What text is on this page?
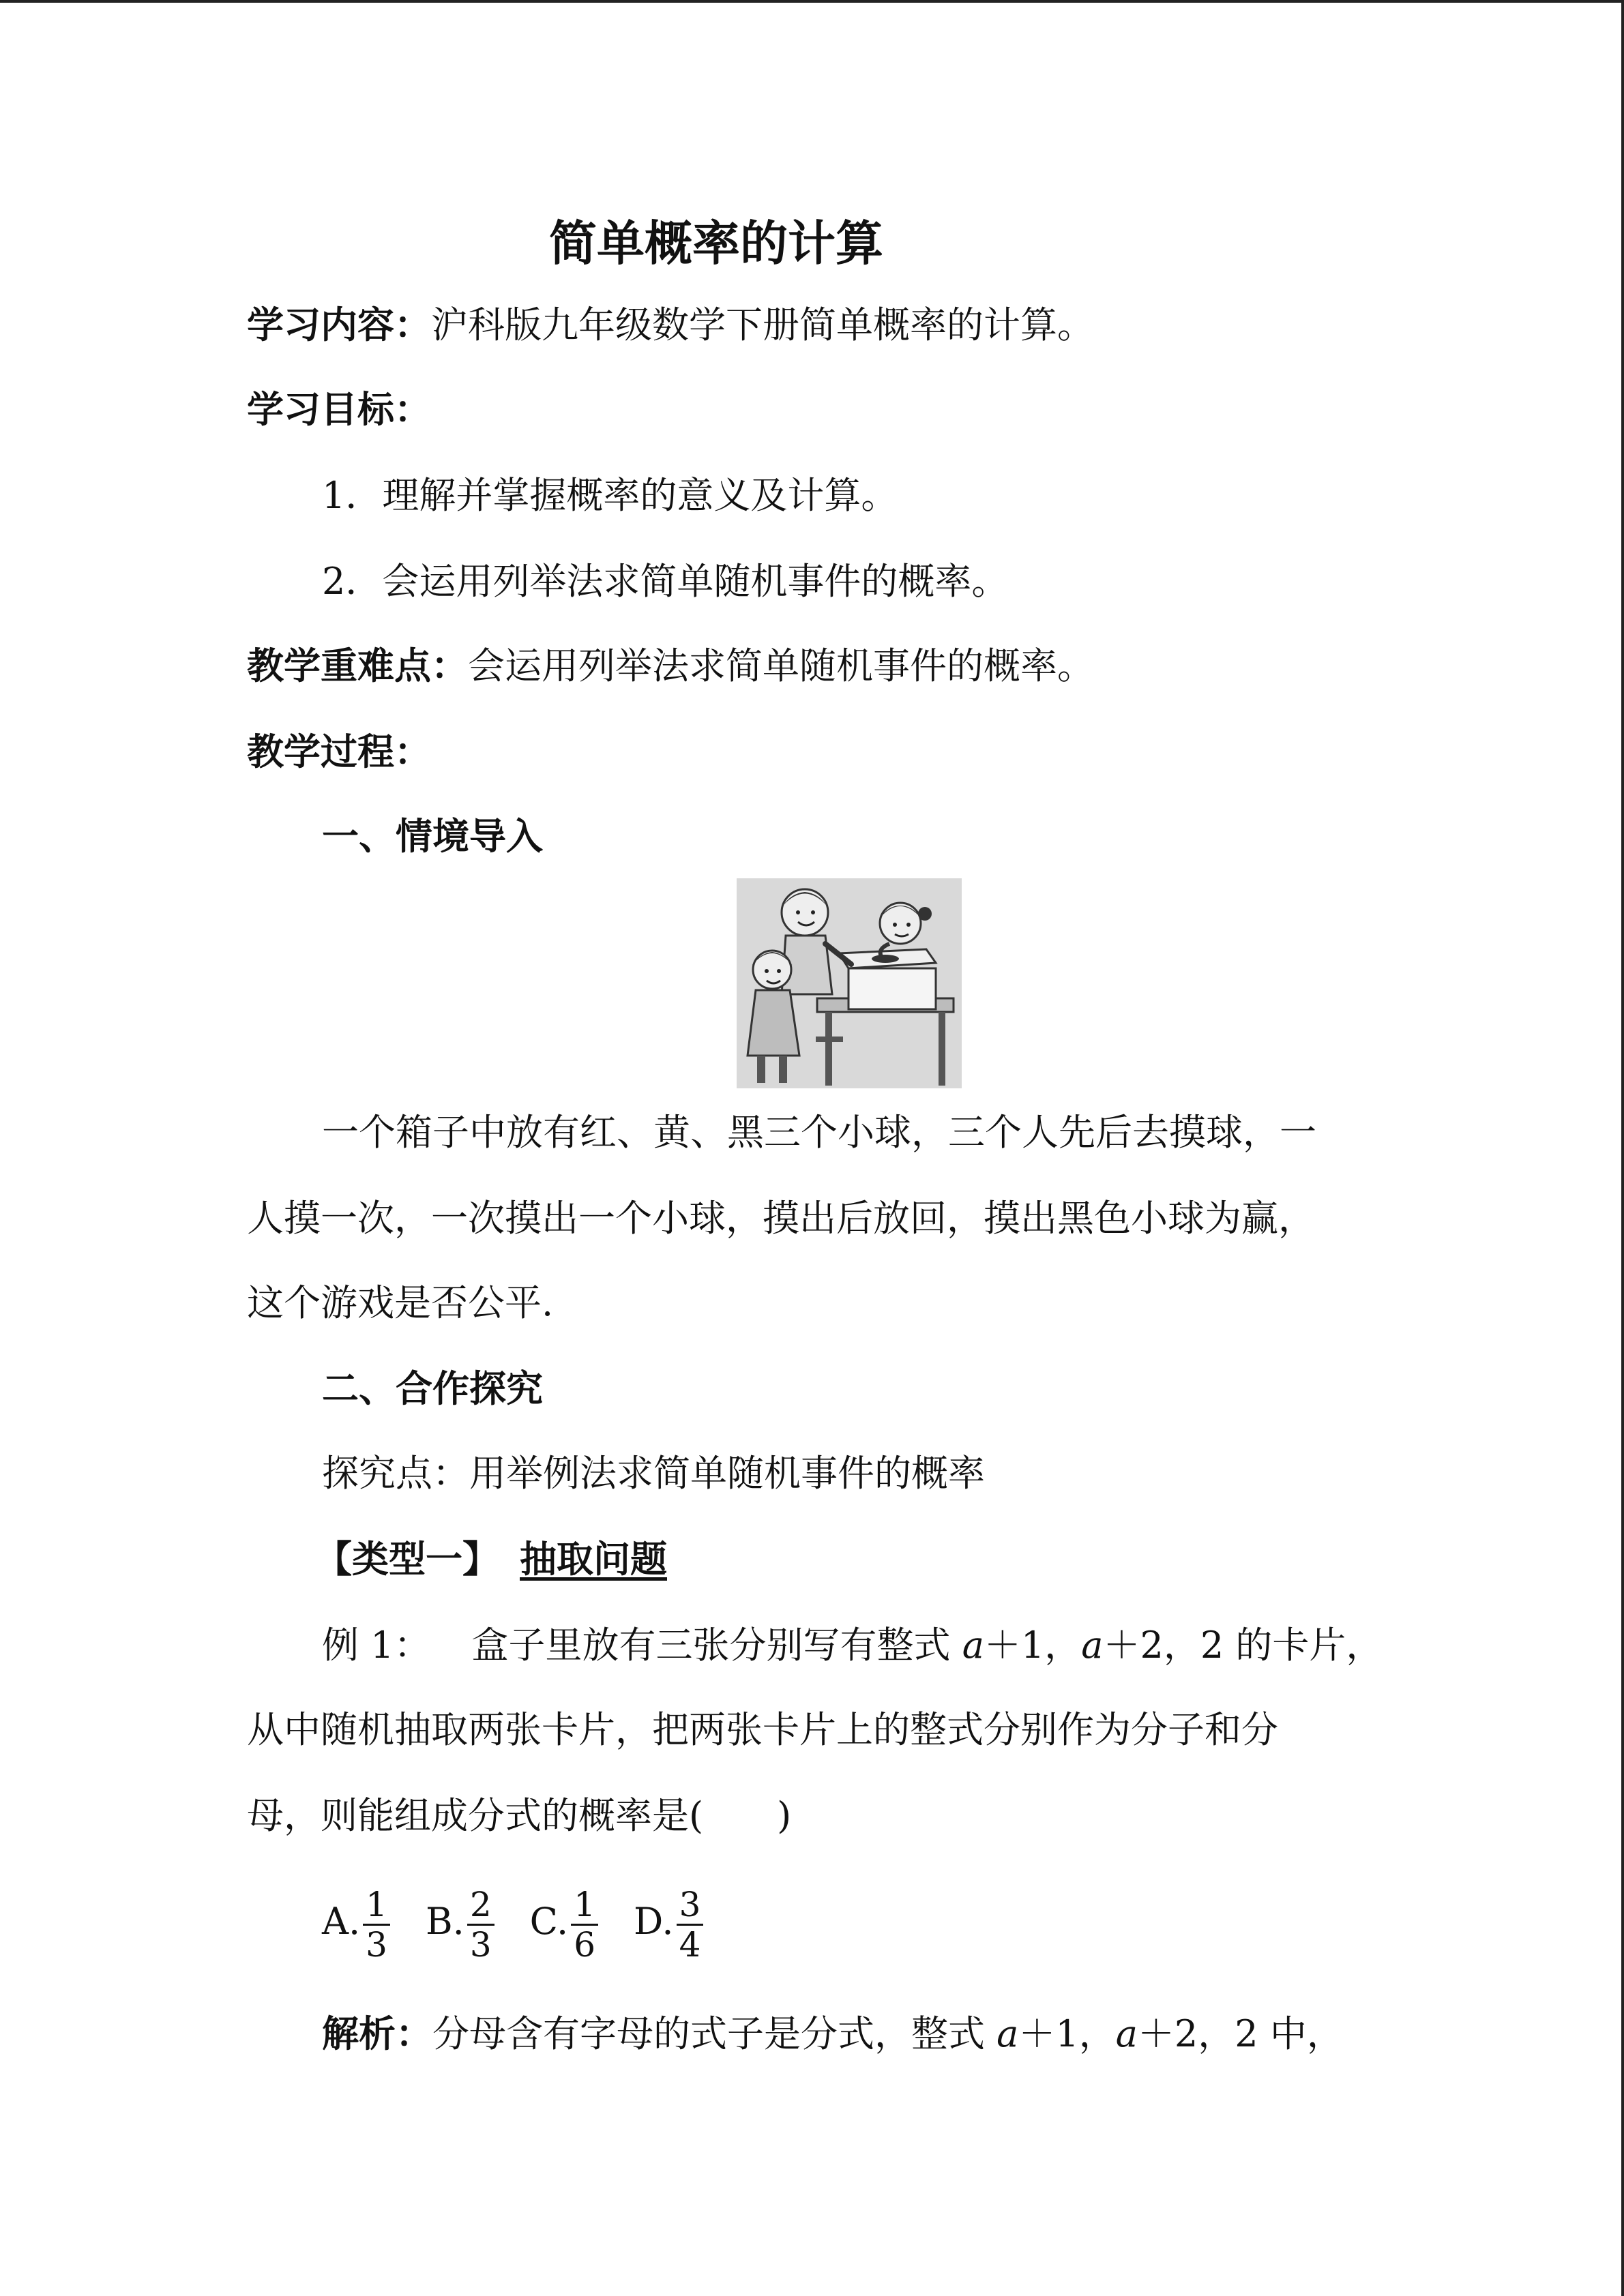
简单概率的计算
学习内容：沪科版九年级数学下册简单概率的计算。
学习目标：
1．理解并掌握概率的意义及计算。
2．会运用列举法求简单随机事件的概率。
教学重难点：会运用列举法求简单随机事件的概率。
教学过程：
一、情境导入
一个箱子中放有红、黄、黑三个小球，三个人先后去摸球，一
人摸一次，一次摸出一个小球，摸出后放回，摸出黑色小球为赢，
这个游戏是否公平.
二、合作探究
探究点：用举例法求简单随机事件的概率
【类型一】 抽取问题
例 1： 盒子里放有三张分别写有整式 a＋1，a＋2，2 的卡片，
从中随机抽取两张卡片，把两张卡片上的整式分别作为分子和分
母，则能组成分式的概率是(　　)
A. $\frac{1}{3} B$. $\frac{2}{3} C$. $\frac{1}{6} D$. $\frac{3}{4}$
解析：分母含有字母的式子是分式，整式 a＋1，a＋2，2 中，
